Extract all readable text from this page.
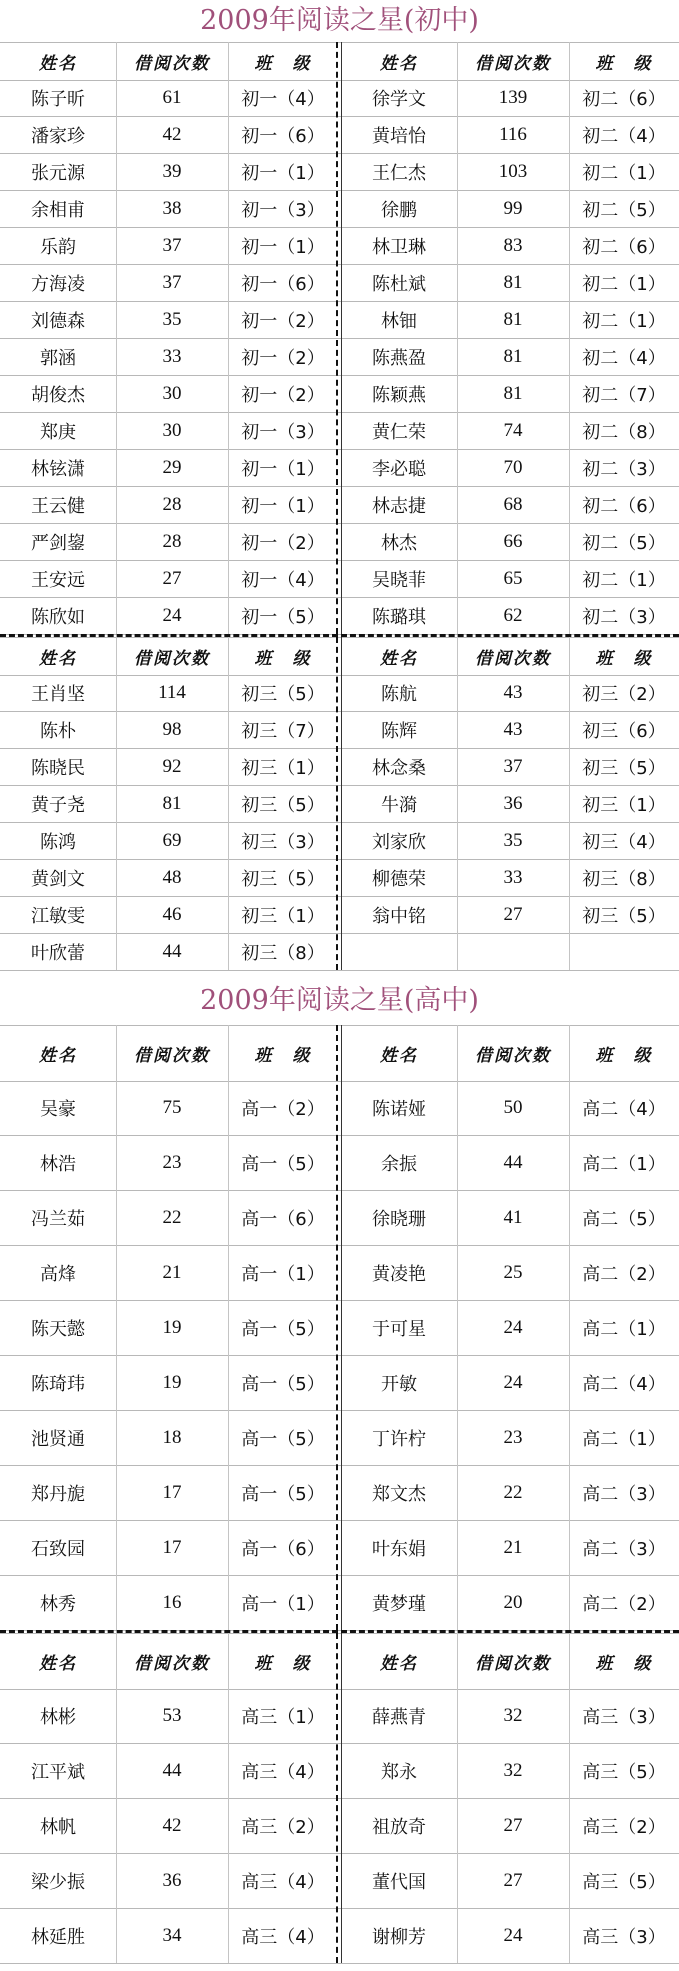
2009年阅读之星(初中)
姓名	借阅次数	班　级	姓名	借阅次数	班　级
陈子昕	61	初一（4）	徐学文	139	初二（6）
潘家珍	42	初一（6）	黄培怡	116	初二（4）
张元源	39	初一（1）	王仁杰	103	初二（1）
余相甫	38	初一（3）	徐鹏	99	初二（5）
乐韵	37	初一（1）	林卫琳	83	初二（6）
方海凌	37	初一（6）	陈杜斌	81	初二（1）
刘德森	35	初一（2）	林钿	81	初二（1）
郭涵	33	初一（2）	陈燕盈	81	初二（4）
胡俊杰	30	初一（2）	陈颖燕	81	初二（7）
郑庚	30	初一（3）	黄仁荣	74	初二（8）
林铉潇	29	初一（1）	李必聪	70	初二（3）
王云健	28	初一（1）	林志捷	68	初二（6）
严剑鋆	28	初一（2）	林杰	66	初二（5）
王安远	27	初一（4）	吴晓菲	65	初二（1）
陈欣如	24	初一（5）	陈璐琪	62	初二（3）
姓名	借阅次数	班　级	姓名	借阅次数	班　级
王肖坚	114	初三（5）	陈航	43	初三（2）
陈朴	98	初三（7）	陈辉	43	初三（6）
陈晓民	92	初三（1）	林念桑	37	初三（5）
黄子尧	81	初三（5）	牛漪	36	初三（1）
陈鸿	69	初三（3）	刘家欣	35	初三（4）
黄剑文	48	初三（5）	柳德荣	33	初三（8）
江敏雯	46	初三（1）	翁中铭	27	初三（5）
叶欣蕾	44	初三（8）
2009年阅读之星(高中)
姓名	借阅次数	班　级	姓名	借阅次数	班　级
吴豪	75	高一（2）	陈诺娅	50	高二（4）
林浩	23	高一（5）	余振	44	高二（1）
冯兰茹	22	高一（6）	徐晓珊	41	高二（5）
高烽	21	高一（1）	黄凌艳	25	高二（2）
陈天懿	19	高一（5）	于可星	24	高二（1）
陈琦玮	19	高一（5）	开敏	24	高二（4）
池贤通	18	高一（5）	丁许柠	23	高二（1）
郑丹旎	17	高一（5）	郑文杰	22	高二（3）
石致园	17	高一（6）	叶东娟	21	高二（3）
林秀	16	高一（1）	黄梦瑾	20	高二（2）
姓名	借阅次数	班　级	姓名	借阅次数	班　级
林彬	53	高三（1）	薛燕青	32	高三（3）
江平斌	44	高三（4）	郑永	32	高三（5）
林帆	42	高三（2）	祖放奇	27	高三（2）
梁少振	36	高三（4）	董代国	27	高三（5）
林延胜	34	高三（4）	谢柳芳	24	高三（3）
